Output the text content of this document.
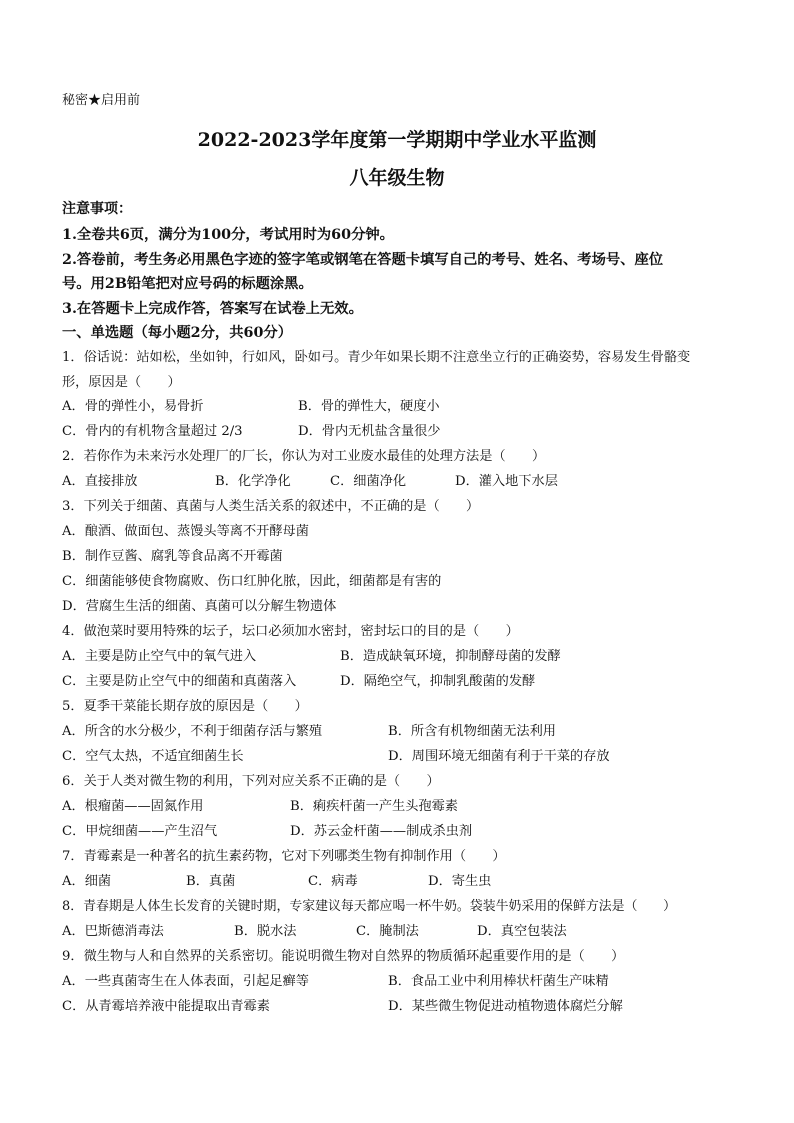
秘密★启用前
2022-2023学年度第一学期期中学业水平监测
八年级生物
注意事项：
1.全卷共6页，满分为100分，考试用时为60分钟。
2.答卷前，考生务必用黑色字迹的签字笔或钢笔在答题卡填写自己的考号、姓名、考场号、座位
号。用2B铅笔把对应号码的标题涂黑。
3.在答题卡上完成作答，答案写在试卷上无效。
一、单选题（每小题2分，共60分）
1．俗话说：站如松，坐如钟，行如风，卧如弓。青少年如果长期不注意坐立行的正确姿势，容易发生骨骼变
形，原因是（　　）
A．骨的弹性小，易骨折	B．骨的弹性大，硬度小
C．骨内的有机物含量超过 2/3	D．骨内无机盐含量很少
2．若你作为未来污水处理厂的厂长，你认为对工业废水最佳的处理方法是（　　）
A．直接排放	B．化学净化	C．细菌净化	D．灌入地下水层
3．下列关于细菌、真菌与人类生活关系的叙述中，不正确的是（　　）
A．酿酒、做面包、蒸馒头等离不开酵母菌
B．制作豆酱、腐乳等食品离不开霉菌
C．细菌能够使食物腐败、伤口红肿化脓，因此，细菌都是有害的
D．营腐生生活的细菌、真菌可以分解生物遗体
4．做泡菜时要用特殊的坛子，坛口必须加水密封，密封坛口的目的是（　　）
A．主要是防止空气中的氧气进入	B．造成缺氧环境，抑制酵母菌的发酵
C．主要是防止空气中的细菌和真菌落入	D．隔绝空气，抑制乳酸菌的发酵
5．夏季干菜能长期存放的原因是（　　）
A．所含的水分极少，不利于细菌存活与繁殖	B．所含有机物细菌无法利用
C．空气太热，不适宜细菌生长	D．周围环境无细菌有利于干菜的存放
6．关于人类对微生物的利用，下列对应关系不正确的是（　　）
A．根瘤菌——固氮作用	B．痢疾杆菌一产生头孢霉素
C．甲烷细菌——产生沼气	D．苏云金杆菌——制成杀虫剂
7．青霉素是一种著名的抗生素药物，它对下列哪类生物有抑制作用（　　）
A．细菌	B．真菌	C．病毒	D．寄生虫
8．青春期是人体生长发育的关键时期，专家建议每天都应喝一杯牛奶。袋装牛奶采用的保鲜方法是（　　）
A．巴斯德消毒法	B．脱水法	C．腌制法	D．真空包装法
9．微生物与人和自然界的关系密切。能说明微生物对自然界的物质循环起重要作用的是（　　）
A．一些真菌寄生在人体表面，引起足癣等	B．食品工业中利用棒状杆菌生产味精
C．从青霉培养液中能提取出青霉素	D．某些微生物促进动植物遗体腐烂分解
